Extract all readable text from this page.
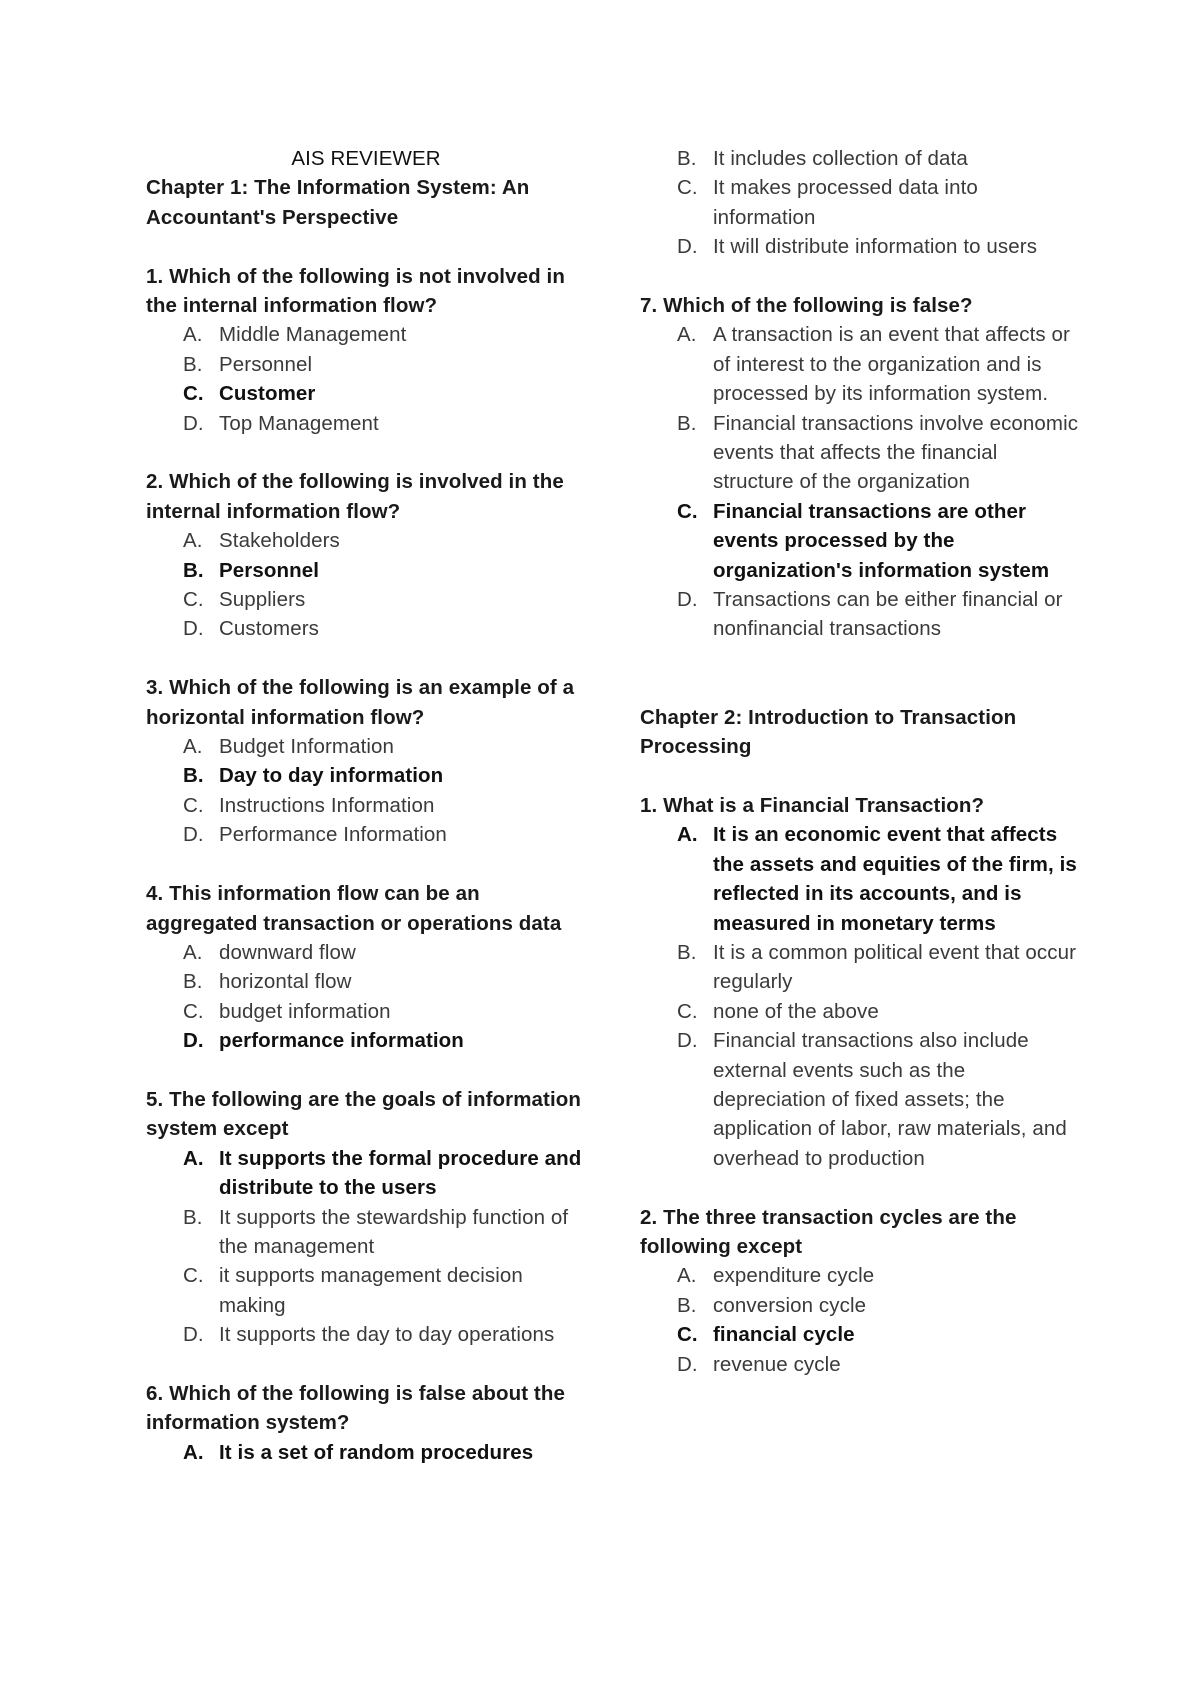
AIS REVIEWER

Chapter 1: The Information System: An Accountant's Perspective

1. Which of the following is not involved in the internal information flow?

A. Middle Management
B. Personnel
C. Customer
D. Top Management

2. Which of the following is involved in the internal information flow?

A. Stakeholders
B. Personnel
C. Suppliers
D. Customers

3. Which of the following is an example of a horizontal information flow?

A. Budget Information
B. Day to day information
C. Instructions Information
D. Performance Information

4. This information flow can be an aggregated transaction or operations data

A. downward flow
B. horizontal flow
C. budget information
D. performance information

5. The following are the goals of information system except

A. It supports the formal procedure and distribute to the users
B. It supports the stewardship function of the management
C. it supports management decision making
D. It supports the day to day operations

6. Which of the following is false about the information system?

A. It is a set of random procedures
B. It includes collection of data
C. It makes processed data into information
D. It will distribute information to users

7. Which of the following is false?

A. A transaction is an event that affects or of interest to the organization and is processed by its information system.
B. Financial transactions involve economic events that affects the financial structure of the organization
C. Financial transactions are other events processed by the organization's information system
D. Transactions can be either financial or nonfinancial transactions

Chapter 2: Introduction to Transaction Processing

1. What is a Financial Transaction?

A. It is an economic event that affects the assets and equities of the firm, is reflected in its accounts, and is measured in monetary terms
B. It is a common political event that occur regularly
C. none of the above
D. Financial transactions also include external events such as the depreciation of fixed assets; the application of labor, raw materials, and overhead to production

2. The three transaction cycles are the following except

A. expenditure cycle
B. conversion cycle
C. financial cycle
D. revenue cycle
